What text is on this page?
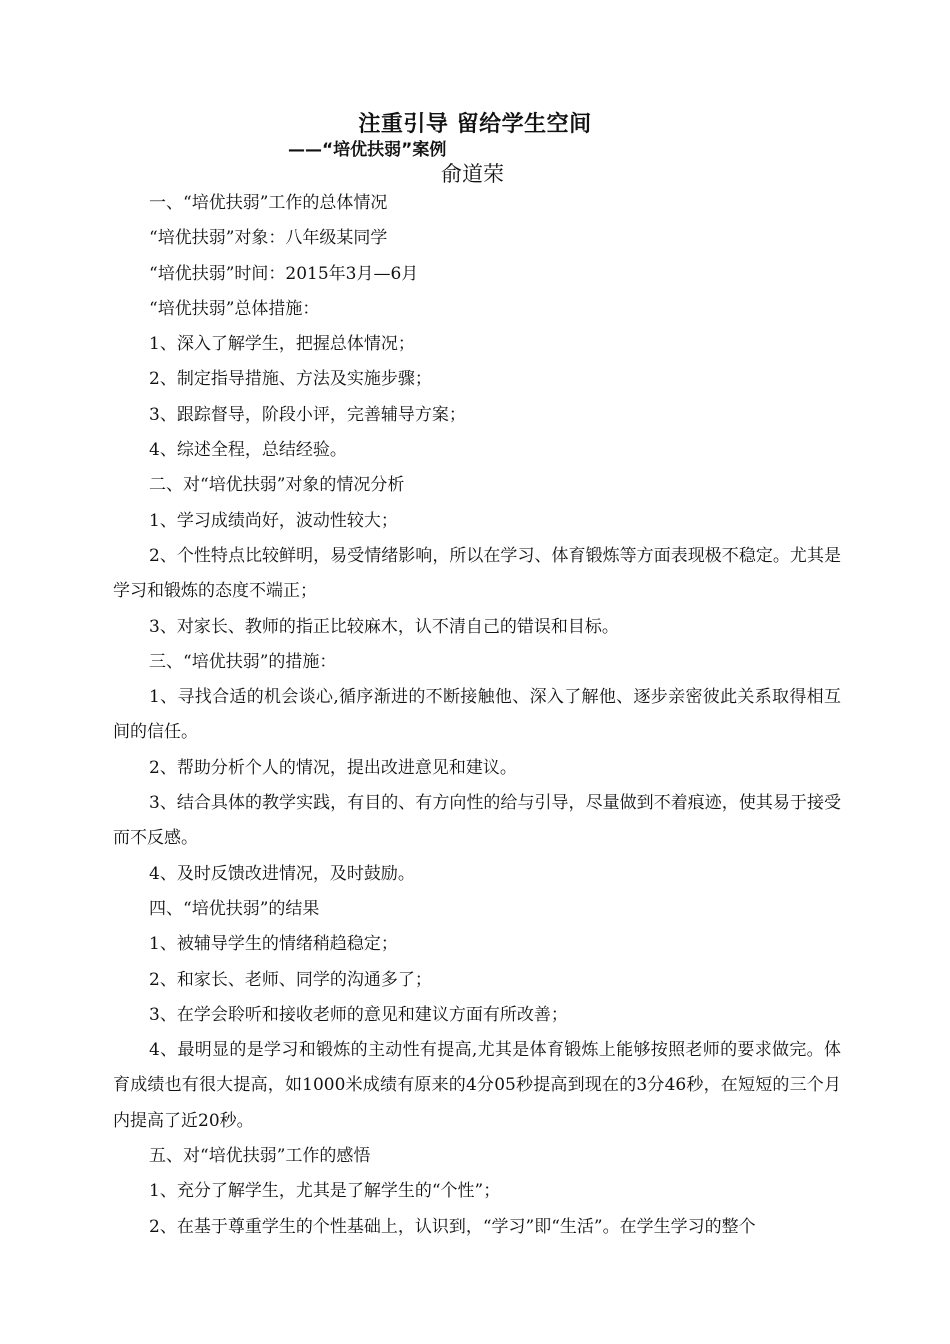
注重引导 留给学生空间
——“培优扶弱”案例
俞道荣

一、“培优扶弱”工作的总体情况

“培优扶弱”对象：八年级某同学

“培优扶弱”时间：2015年3月—6月

“培优扶弱”总体措施：

1、深入了解学生，把握总体情况；

2、制定指导措施、方法及实施步骤；

3、跟踪督导，阶段小评，完善辅导方案；

4、综述全程，总结经验。

二、对“培优扶弱”对象的情况分析

1、学习成绩尚好，波动性较大；

2、个性特点比较鲜明，易受情绪影响，所以在学习、体育锻炼等方面表现极不稳定。尤其是学习和锻炼的态度不端正；

3、对家长、教师的指正比较麻木，认不清自己的错误和目标。

三、“培优扶弱”的措施：

1、寻找合适的机会谈心,循序渐进的不断接触他、深入了解他、逐步亲密彼此关系取得相互间的信任。

2、帮助分析个人的情况，提出改进意见和建议。

3、结合具体的教学实践，有目的、有方向性的给与引导，尽量做到不着痕迹，使其易于接受而不反感。

4、及时反馈改进情况，及时鼓励。

四、“培优扶弱”的结果

1、被辅导学生的情绪稍趋稳定；

2、和家长、老师、同学的沟通多了；

3、在学会聆听和接收老师的意见和建议方面有所改善；

4、最明显的是学习和锻炼的主动性有提高,尤其是体育锻炼上能够按照老师的要求做完。体育成绩也有很大提高，如1000米成绩有原来的4分05秒提高到现在的3分46秒，在短短的三个月内提高了近20秒。

五、对“培优扶弱”工作的感悟

1、充分了解学生，尤其是了解学生的“个性”；

2、在基于尊重学生的个性基础上，认识到，“学习”即“生活”。在学生学习的整个
